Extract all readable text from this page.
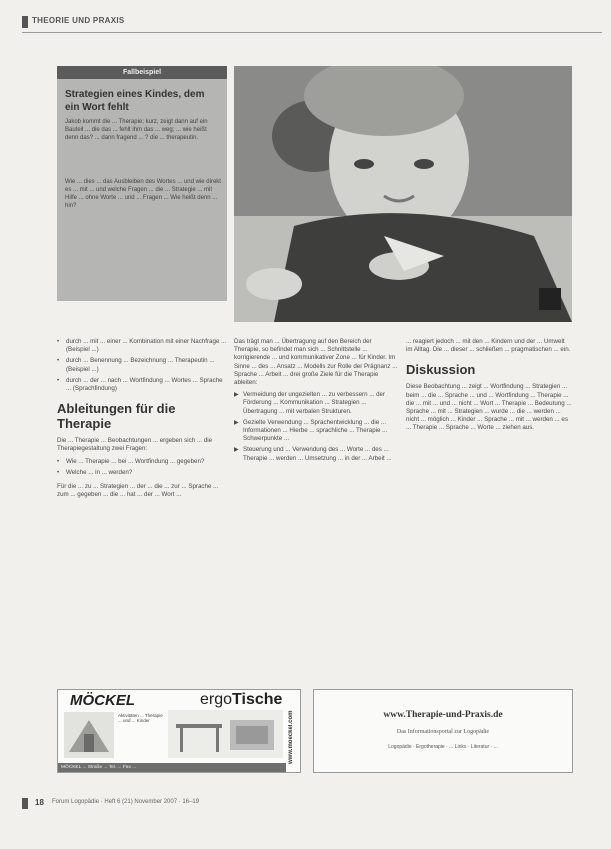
THEORIE UND PRAXIS
Fallbeispiel
Strategien eines Kindes, dem ein Wort fehlt
Jakob kommt die ... Therapie; kurz, zeigt dann auf ein Bauteil ... die das ... fehlt ihm das ... weg; ... wie heißt denn das? ... dann fragend ... ? die ... therapeutin.
Wie ... dies ... das Ausbleiben des Wortes ... und wie direkt es ... mit ... und welche Fragen ... die ... Strategie ... mit Hilfe ... ohne Worte ... und ... Fragen ... Wie heißt denn ... hin?
• durch ... mit ... einer ... Kombination mit einer Nachfrage ... (Beispiel ...)
• durch ... Benennung ... Bezeichnung ... Therapeutin ... (Beispiel ...)
• durch ... der ... nach ... Wortfindung ... Wortes ... Sprache ... (Sprachfindung)
Ableitungen für die Therapie

Die ... Therapie ... Beobachtungen ... ergeben sich ... die Therapiegestaltung zwei Fragen:

• Wie ... Therapie ... bei ... Wortfindung ... gegeben?
• Welche ... in ... werden?

Für die ... zu ... Strategien ... der ... die ... zur ... Sprache ... zum ... gegeben ... die ... hat ... der ... Wort ...

Das trägt man ... Übertragung auf den Bereich der Therapie, so befindet man sich ... Schnittstelle ... korrigierende ... und kommunikativer Zone ... für Kinder. Im Sinne ... des ... Ansatz ... Modells zur Rolle der Prägnanz ... Sprache ... Arbeit ... drei große Ziele für die Therapie ableiten:

▶ Vermeidung der ungezielten ... zu verbessern ... der Förderung ... Kommunikation ... Strategien ... Übertragung ... mit verbalen Strukturen.
▶ Gezielte Verwendung ... Sprachentwicklung ... die ... Informationen ... Hierbe ... sprachliche ... Therapie ... Schwerpunkte ...
▶ Steuerung und ... Verwendung des ... Worte ... des ... Therapie ... werden ... Umsetzung ... in der ... Arbeit ...

... reagiert jedoch ... mit den ... Kindern und der ... Umwelt im Alltag. Die ... dieser ... schließen ... pragmatischen ... ein.

Diskussion

Diese Beobachtung ... zeigt ... Wortfindung ... Strategien ... beim ... die ... Sprache ... und ... Wortfindung ... Therapie ... die ... mit ... und ... nicht ... Wort ... Therapie ... Bedeutung ... Sprache ... mit ... Strategien ... wurde ... die ... werden ... nicht ... möglich ... Kinder ... Sprache ... mit ... werden ... es ... Therapie ... Sprache ... Worte ... ziehen aus.

MÖCKEL	ergoTische
Aktivitäten ... Therapie ... und ... Kinder
MÖCKEL ... Straße ... Tel. ... Fax ...
www.moeckel.com	www.Therapie-und-Praxis.de
Das Informationsportal zur Logopädie
Logopädie · Ergotherapie · ... Links · Literatur · ...
18 Forum Logopädie · Heft 6 (21) November 2007 · 16–19
